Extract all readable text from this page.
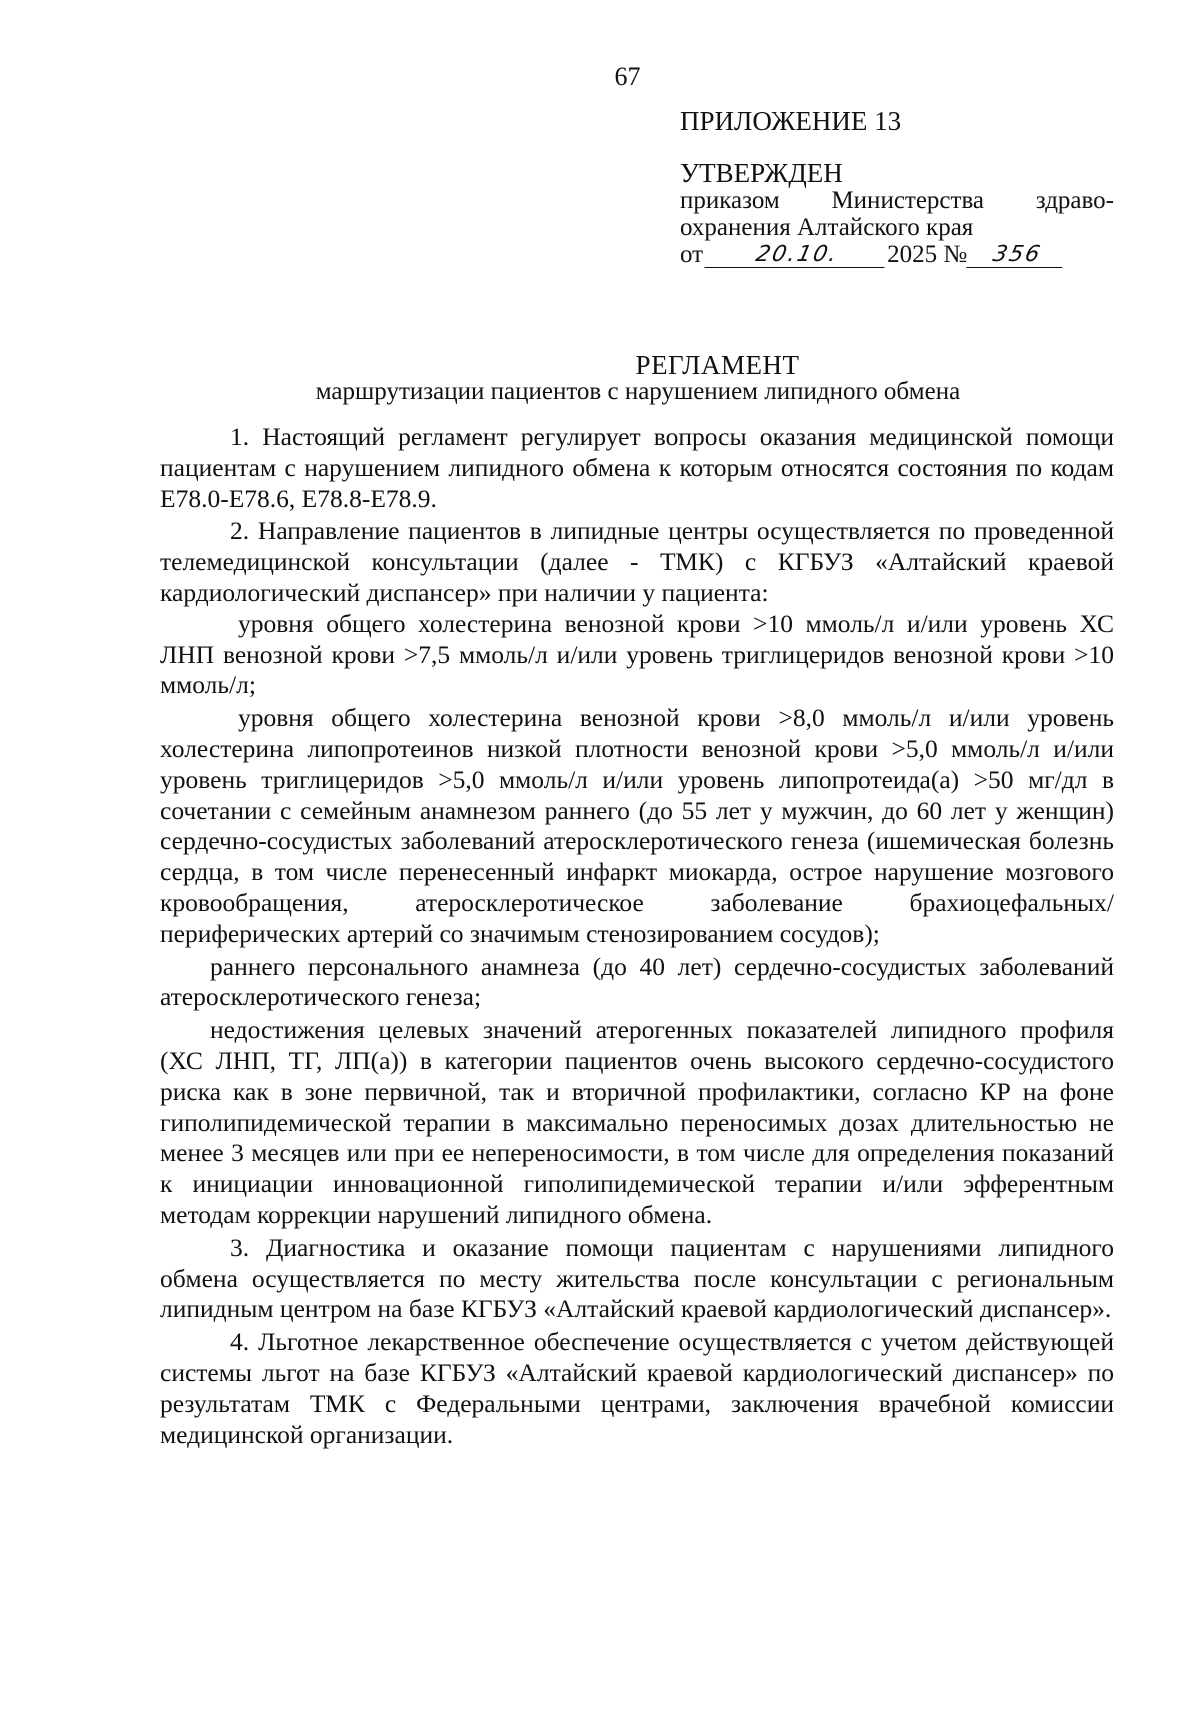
67
ПРИЛОЖЕНИЕ 13
УТВЕРЖДЕН
приказом Министерства здраво-
охранения Алтайского края
от	20.10.	2025 №	356
РЕГЛАМЕНТ
маршрутизации пациентов с нарушением липидного обмена

1. Настоящий регламент регулирует вопросы оказания медицинской помощи пациентам с нарушением липидного обмена к которым относятся состояния по кодам E78.0-E78.6, E78.8-E78.9.

2. Направление пациентов в липидные центры осуществляется по проведенной телемедицинской консультации (далее - ТМК) с КГБУЗ «Алтайский краевой кардиологический диспансер» при наличии у пациента:

уровня общего холестерина венозной крови >10 ммоль/л и/или уровень ХС ЛНП венозной крови >7,5 ммоль/л и/или уровень триглицеридов венозной крови >10 ммоль/л;

уровня общего холестерина венозной крови >8,0 ммоль/л и/или уровень холестерина липопротеинов низкой плотности венозной крови >5,0 ммоль/л и/или уровень триглицеридов >5,0 ммоль/л и/или уровень липопротеида(а) >50 мг/дл в сочетании с семейным анамнезом раннего (до 55 лет у мужчин, до 60 лет у женщин) сердечно-сосудистых заболеваний атеросклеротического генеза (ишемическая болезнь сердца, в том числе перенесенный инфаркт миокарда, острое нарушение мозгового кровообращения, атеросклеротическое заболевание брахиоцефальных/ периферических артерий со значимым стенозированием сосудов);

раннего персонального анамнеза (до 40 лет) сердечно-сосудистых заболеваний атеросклеротического генеза;

недостижения целевых значений атерогенных показателей липидного профиля (ХС ЛНП, ТГ, ЛП(а)) в категории пациентов очень высокого сердечно-сосудистого риска как в зоне первичной, так и вторичной профилактики, согласно КР на фоне гиполипидемической терапии в максимально переносимых дозах длительностью не менее 3 месяцев или при ее непереносимости, в том числе для определения показаний к инициации инновационной гиполипидемической терапии и/или эфферентным методам коррекции нарушений липидного обмена.

3. Диагностика и оказание помощи пациентам с нарушениями липидного обмена осуществляется по месту жительства после консультации с региональным липидным центром на базе КГБУЗ «Алтайский краевой кардиологический диспансер».

4. Льготное лекарственное обеспечение осуществляется с учетом действующей системы льгот на базе КГБУЗ «Алтайский краевой кардиологический диспансер» по результатам ТМК с Федеральными центрами, заключения врачебной комиссии медицинской организации.
